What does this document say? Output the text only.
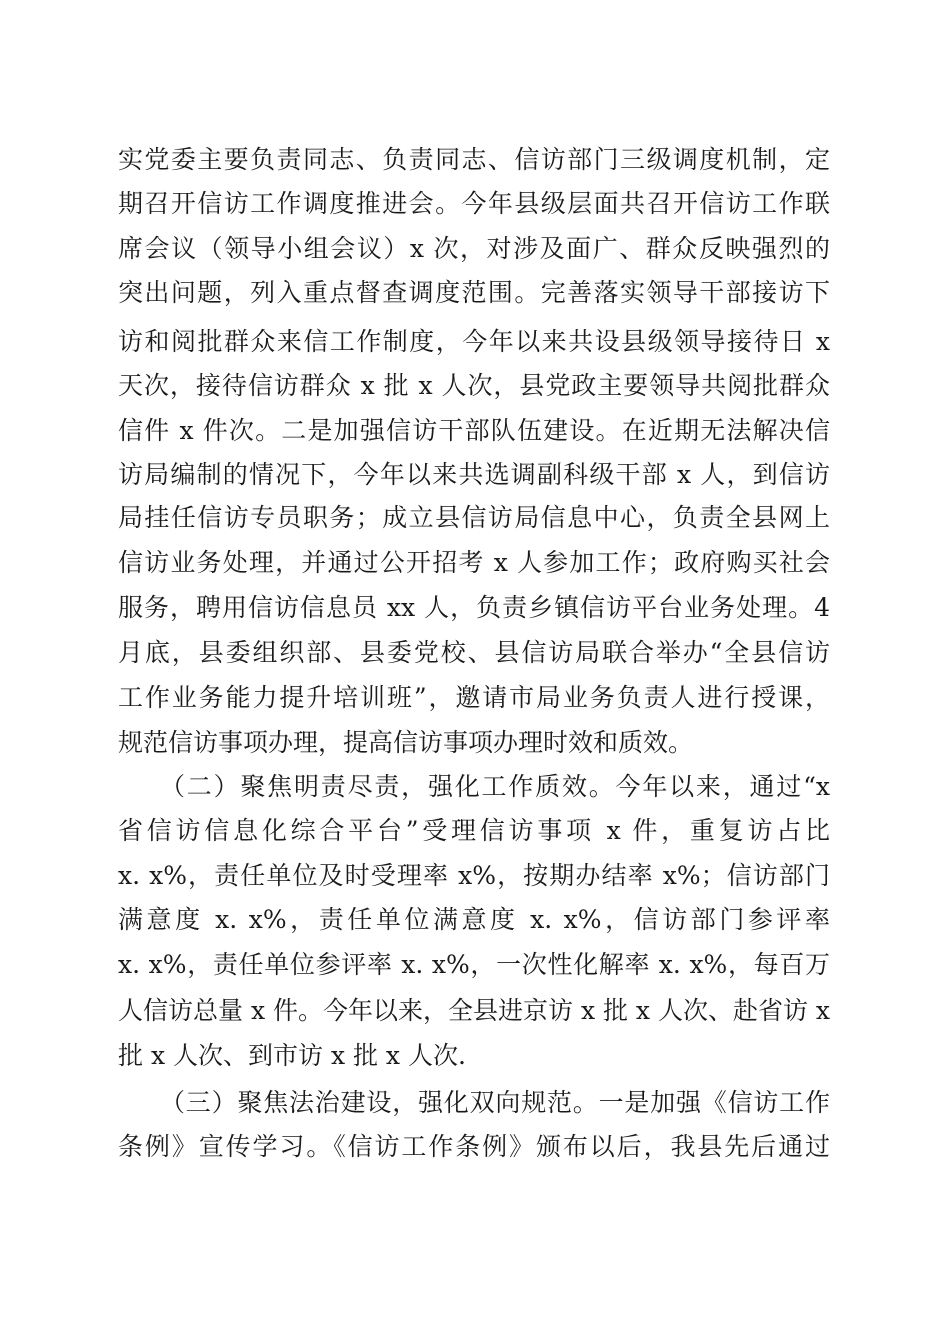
实党委主要负责同志、负责同志、信访部门三级调度机制，定
期召开信访工作调度推进会。今年县级层面共召开信访工作联
席会议（领导小组会议）x 次，对涉及面广、群众反映强烈的
突出问题，列入重点督查调度范围。完善落实领导干部接访下
访和阅批群众来信工作制度，今年以来共设县级领导接待日 x
天次，接待信访群众 x 批 x 人次，县党政主要领导共阅批群众
信件 x 件次。二是加强信访干部队伍建设。在近期无法解决信
访局编制的情况下，今年以来共选调副科级干部 x 人，到信访
局挂任信访专员职务；成立县信访局信息中心，负责全县网上
信访业务处理，并通过公开招考 x 人参加工作；政府购买社会
服务，聘用信访信息员 xx 人，负责乡镇信访平台业务处理。4
月底，县委组织部、县委党校、县信访局联合举办“全县信访
工作业务能力提升培训班”，邀请市局业务负责人进行授课，
规范信访事项办理，提高信访事项办理时效和质效。
（二）聚焦明责尽责，强化工作质效。今年以来，通过“x
省信访信息化综合平台”受理信访事项 x 件，重复访占比
x. x%，责任单位及时受理率 x%，按期办结率 x%；信访部门
满意度 x. x%，责任单位满意度 x. x%，信访部门参评率
x. x%，责任单位参评率 x. x%，一次性化解率 x. x%，每百万
人信访总量 x 件。今年以来，全县进京访 x 批 x 人次、赴省访 x
批 x 人次、到市访 x 批 x 人次.
（三）聚焦法治建设，强化双向规范。一是加强《信访工作
条例》宣传学习。《信访工作条例》颁布以后，我县先后通过
